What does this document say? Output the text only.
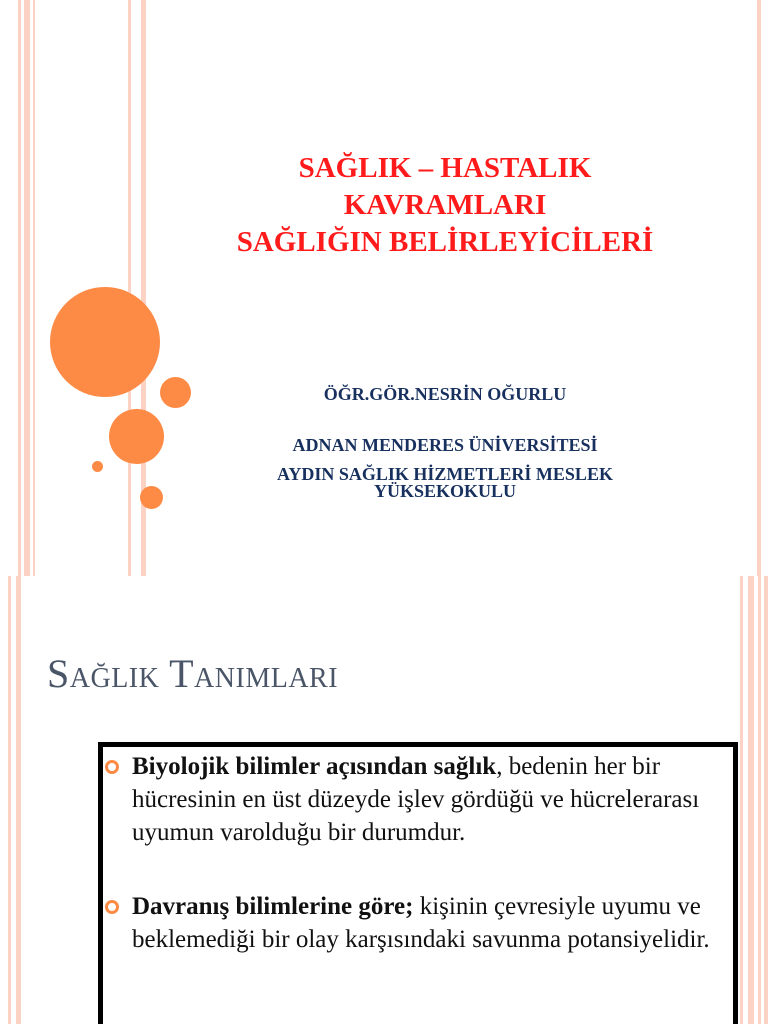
SAĞLIK – HASTALIK
KAVRAMLARI
SAĞLIĞIN BELİRLEYİCİLERİ
ÖĞR.GÖR.NESRİN OĞURLU
ADNAN MENDERES ÜNİVERSİTESİ
AYDIN SAĞLIK HİZMETLERİ MESLEK
YÜKSEKOKULU
Sağlık Tanımları
Biyolojik bilimler açısından sağlık, bedenin her bir hücresinin en üst düzeyde işlev gördüğü ve hücrelerarası uyumun varolduğu bir durumdur.
Davranış bilimlerine göre; kişinin çevresiyle uyumu ve beklemediği bir olay karşısındaki savunma potansiyelidir.
